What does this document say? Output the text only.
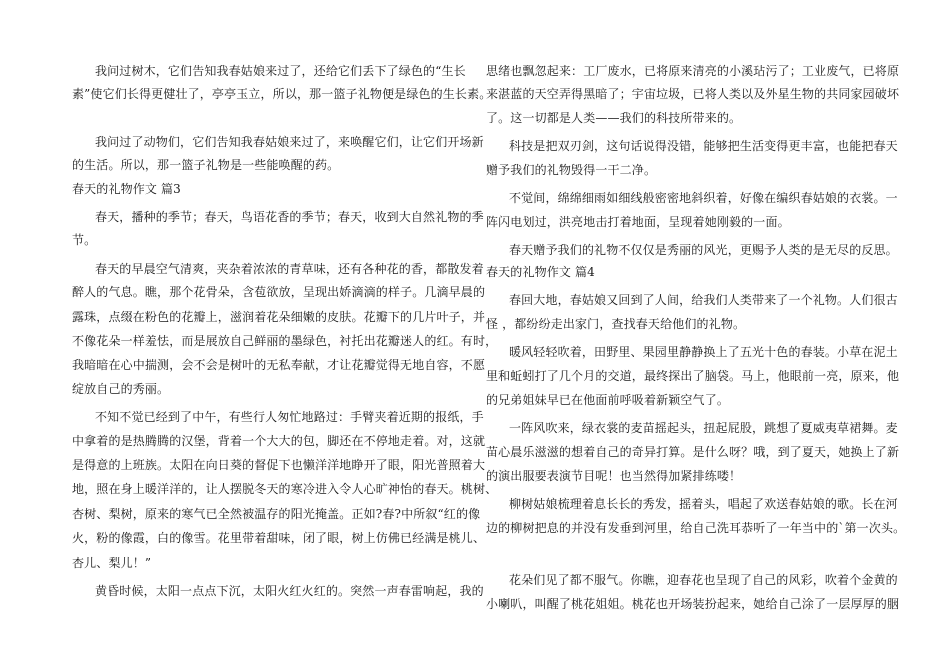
我问过树木，它们告知我春姑娘来过了，还给它们丢下了绿色的“生长
素”使它们长得更健壮了，亭亭玉立，所以，那一篮子礼物便是绿色的生长素。
我问过了动物们，它们告知我春姑娘来过了，来唤醒它们，让它们开场新
的生活。所以，那一篮子礼物是一些能唤醒的药。
春天的礼物作文 篇3
春天，播种的季节；春天，鸟语花香的季节；春天，收到大自然礼物的季
节。
春天的早晨空气清爽，夹杂着浓浓的青草味，还有各种花的香，都散发着
醉人的气息。瞧，那个花骨朵，含苞欲放，呈现出娇滴滴的样子。几滴早晨的
露珠，点缀在粉色的花瓣上，滋润着花朵细嫩的皮肤。花瓣下的几片叶子，并
不像花朵一样羞怯，而是展放自己鲜丽的墨绿色，衬托出花瓣迷人的红。有时，
我暗暗在心中揣测，会不会是树叶的无私奉献，才让花瓣觉得无地自容，不愿
绽放自己的秀丽。
不知不觉已经到了中午，有些行人匆忙地路过：手臂夹着近期的报纸，手
中拿着的是热腾腾的汉堡，背着一个大大的包，脚还在不停地走着。对，这就
是得意的上班族。太阳在向日葵的督促下也懒洋洋地睁开了眼，阳光普照着大
地，照在身上暖洋洋的，让人摆脱冬天的寒冷进入令人心旷神怡的春天。桃树、
杏树、梨树，原来的寒气已全然被温存的阳光掩盖。正如?春?中所叙“红的像
火，粉的像霞，白的像雪。花里带着甜味，闭了眼，树上仿佛已经满是桃儿、
杏儿、梨儿！”
黄昏时候，太阳一点点下沉，太阳火红火红的。突然一声春雷响起，我的
思绪也飘忽起来：工厂废水，已将原来清亮的小溪玷污了；工业废气，已将原
来湛蓝的天空弄得黑暗了；宇宙垃圾，已将人类以及外星生物的共同家园破坏
了。这一切都是人类——我们的科技所带来的。
科技是把双刃剑，这句话说得没错，能够把生活变得更丰富，也能把春天
赠予我们的礼物毁得一干二净。
不觉间，绵绵细雨如细线般密密地斜织着，好像在编织春姑娘的衣裳。一
阵闪电划过，洪亮地击打着地面，呈现着她刚毅的一面。
春天赠予我们的礼物不仅仅是秀丽的风光，更赐予人类的是无尽的反思。
春天的礼物作文 篇4
春回大地，春姑娘又回到了人间，给我们人类带来了一个礼物。人们很古
怪 ，都纷纷走出家门，查找春天给他们的礼物。
暖风轻轻吹着，田野里、果园里静静换上了五光十色的春装。小草在泥土
里和蚯蚓打了几个月的交道，最终探出了脑袋。马上，他眼前一亮，原来，他
的兄弟姐妹早已在他面前呼吸着新颖空气了。
一阵风吹来，绿衣裳的麦苗摇起头，扭起屁股，跳想了夏威夷草裙舞。麦
苗心晨乐滋滋的想着自己的奇异打算。是什么呀？哦，到了夏天，她换上了新
的演出服要表演节目呢！也当然得加紧排练喽！
柳树姑娘梳理着息长长的秀发，摇着头，唱起了欢送春姑娘的歌。长在河
边的柳树把息的并没有发垂到河里，给自己洗耳恭听了一年当中的`第一次头。
花朵们见了都不服气。你瞧，迎春花也呈现了自己的风彩，吹着个金黄的
小喇叭，叫醒了桃花姐姐。桃花也开场装扮起来，她给自己涂了一层厚厚的胭
